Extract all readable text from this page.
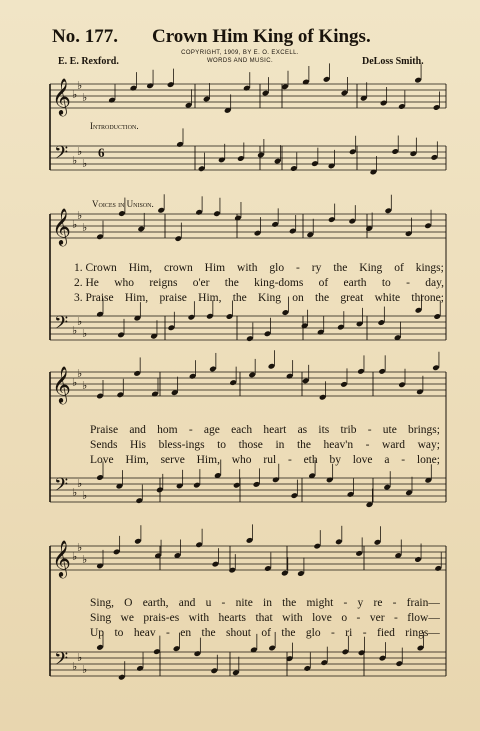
No. 177. Crown Him King of Kings.
COPYRIGHT, 1909, BY E. O. EXCELL.
WORDS AND MUSIC.
E. E. Rexford.	DeLoss Smith.
Introduction.
Voices in Unison.
𝄞
𝄢
♭
♭
♭
♭
♭
♭
6
𝄞
𝄢
♭
♭
♭
♭
♭
♭
𝄞
𝄢
♭
♭
♭
♭
♭
♭
𝄞
𝄢
♭
♭
♭
♭
♭
♭
1. Crown Him, crown Him with glo - ry the King of kings;
2. He who reigns o'er the king-doms of earth to - day,
3. Praise Him, praise Him, the King on the great white throne;
Praise and hom - age each heart as its trib - ute brings;
Sends His bless-ings to those in the heav'n - ward way;
Love Him, serve Him, who rul - eth by love a - lone;
Sing, O earth, and u - nite in the might - y re - frain—
Sing we prais-es with hearts that with love o - ver - flow—
Up to heav - en the shout of the glo - ri - fied rings—
